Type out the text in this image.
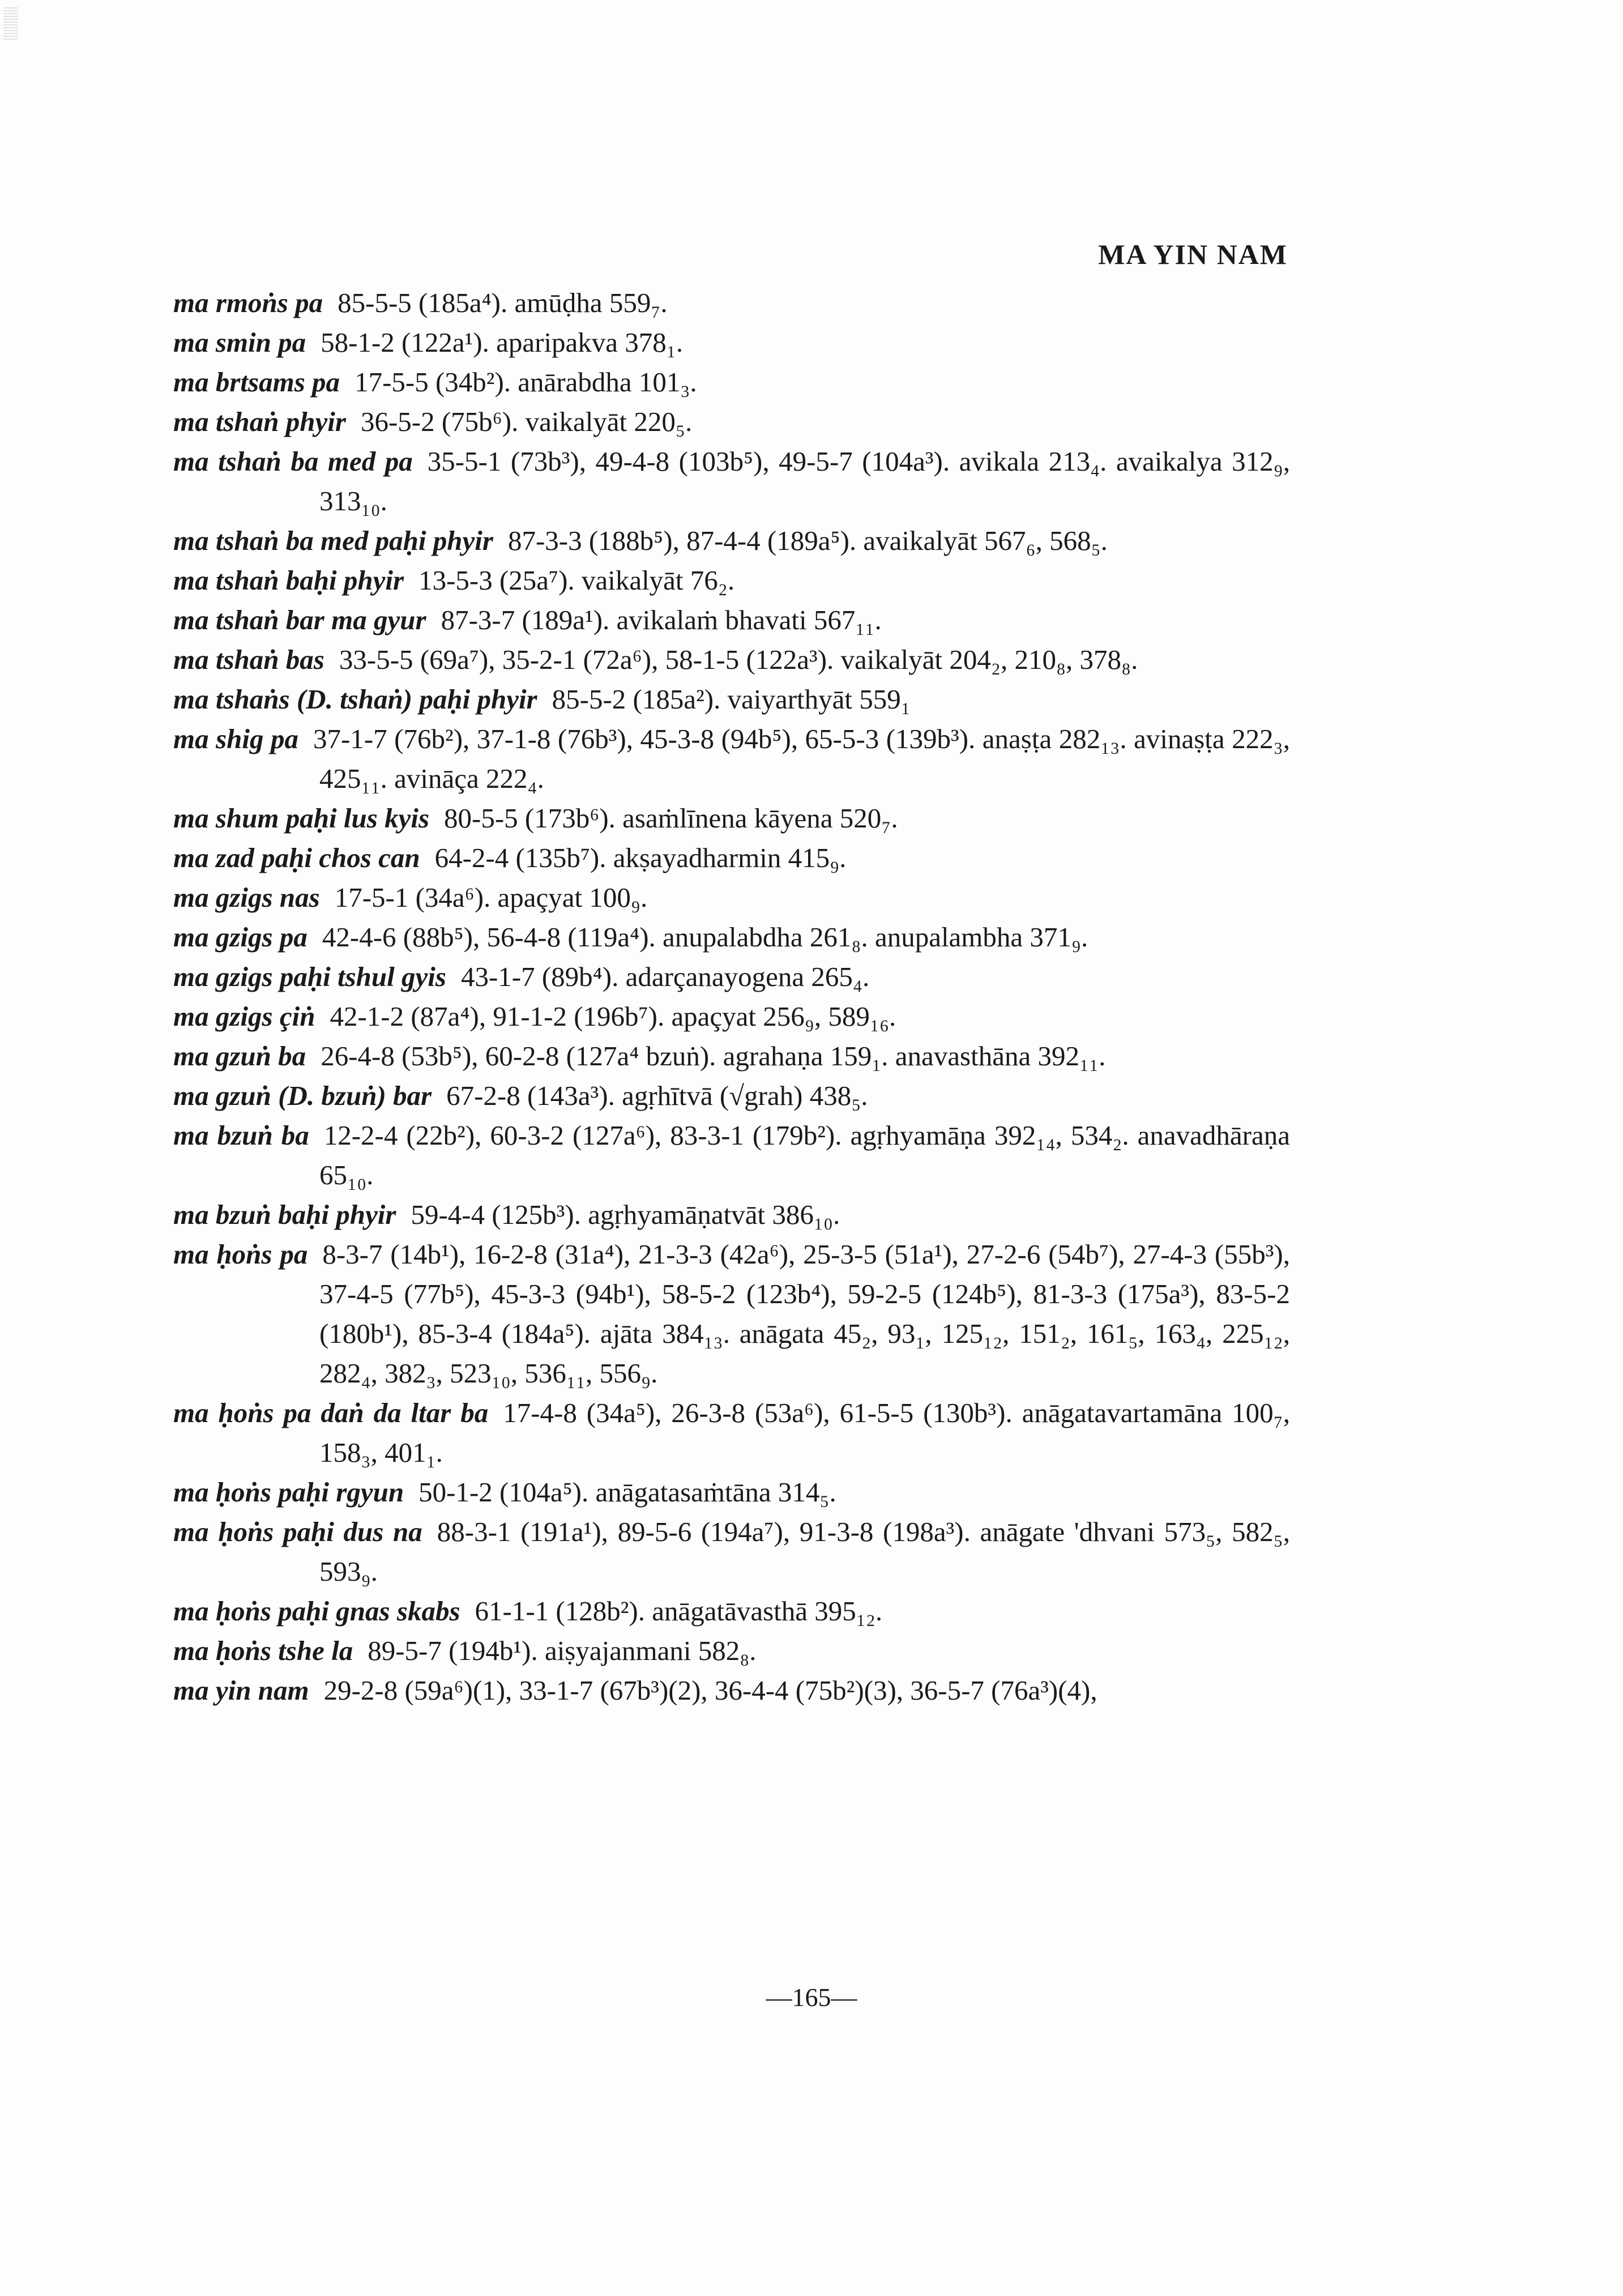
MA YIN NAM

ma rmoṅs pa 85-5-5 (185a⁴). amūḍha 559₇.

ma smin pa 58-1-2 (122a¹). aparipakva 378₁.

ma brtsams pa 17-5-5 (34b²). anārabdha 101₃.

ma tshaṅ phyir 36-5-2 (75b⁶). vaikalyāt 220₅.

ma tshaṅ ba med pa 35-5-1 (73b³), 49-4-8 (103b⁵), 49-5-7 (104a³). avikala 213₄. avaikalya 312₉, 313₁₀.

ma tshaṅ ba med paḥi phyir 87-3-3 (188b⁵), 87-4-4 (189a⁵). avaikalyāt 567₆, 568₅.

ma tshaṅ baḥi phyir 13-5-3 (25a⁷). vaikalyāt 76₂.

ma tshaṅ bar ma gyur 87-3-7 (189a¹). avikalaṁ bhavati 567₁₁.

ma tshaṅ bas 33-5-5 (69a⁷), 35-2-1 (72a⁶), 58-1-5 (122a³). vaikalyāt 204₂, 210₈, 378₈.

ma tshaṅs (D. tshaṅ) paḥi phyir 85-5-2 (185a²). vaiyarthyāt 559₁

ma shig pa 37-1-7 (76b²), 37-1-8 (76b³), 45-3-8 (94b⁵), 65-5-3 (139b³). anaṣṭa 282₁₃. avinaṣṭa 222₃, 425₁₁. avināça 222₄.

ma shum paḥi lus kyis 80-5-5 (173b⁶). asaṁlīnena kāyena 520₇.

ma zad paḥi chos can 64-2-4 (135b⁷). akṣayadharmin 415₉.

ma gzigs nas 17-5-1 (34a⁶). apaçyat 100₉.

ma gzigs pa 42-4-6 (88b⁵), 56-4-8 (119a⁴). anupalabdha 261₈. anupalambha 371₉.

ma gzigs paḥi tshul gyis 43-1-7 (89b⁴). adarçanayogena 265₄.

ma gzigs çiṅ 42-1-2 (87a⁴), 91-1-2 (196b⁷). apaçyat 256₉, 589₁₆.

ma gzuṅ ba 26-4-8 (53b⁵), 60-2-8 (127a⁴ bzuṅ). agrahaṇa 159₁. anavasthāna 392₁₁.

ma gzuṅ (D. bzuṅ) bar 67-2-8 (143a³). agṛhītvā (√grah) 438₅.

ma bzuṅ ba 12-2-4 (22b²), 60-3-2 (127a⁶), 83-3-1 (179b²). agṛhyamāṇa 392₁₄, 534₂. anavadhāraṇa 65₁₀.

ma bzuṅ baḥi phyir 59-4-4 (125b³). agṛhyamāṇatvāt 386₁₀.

ma ḥoṅs pa 8-3-7 (14b¹), 16-2-8 (31a⁴), 21-3-3 (42a⁶), 25-3-5 (51a¹), 27-2-6 (54b⁷), 27-4-3 (55b³), 37-4-5 (77b⁵), 45-3-3 (94b¹), 58-5-2 (123b⁴), 59-2-5 (124b⁵), 81-3-3 (175a³), 83-5-2 (180b¹), 85-3-4 (184a⁵). ajāta 384₁₃. anāgata 45₂, 93₁, 125₁₂, 151₂, 161₅, 163₄, 225₁₂, 282₄, 382₃, 523₁₀, 536₁₁, 556₉.

ma ḥoṅs pa daṅ da ltar ba 17-4-8 (34a⁵), 26-3-8 (53a⁶), 61-5-5 (130b³). anāgatavartamāna 100₇, 158₃, 401₁.

ma ḥoṅs paḥi rgyun 50-1-2 (104a⁵). anāgatasaṁtāna 314₅.

ma ḥoṅs paḥi dus na 88-3-1 (191a¹), 89-5-6 (194a⁷), 91-3-8 (198a³). anāgate 'dhvani 573₅, 582₅, 593₉.

ma ḥoṅs paḥi gnas skabs 61-1-1 (128b²). anāgatāvasthā 395₁₂.

ma ḥoṅs tshe la 89-5-7 (194b¹). aiṣyajanmani 582₈.

ma yin nam 29-2-8 (59a⁶)(1), 33-1-7 (67b³)(2), 36-4-4 (75b²)(3), 36-5-7 (76a³)(4),

—165—
